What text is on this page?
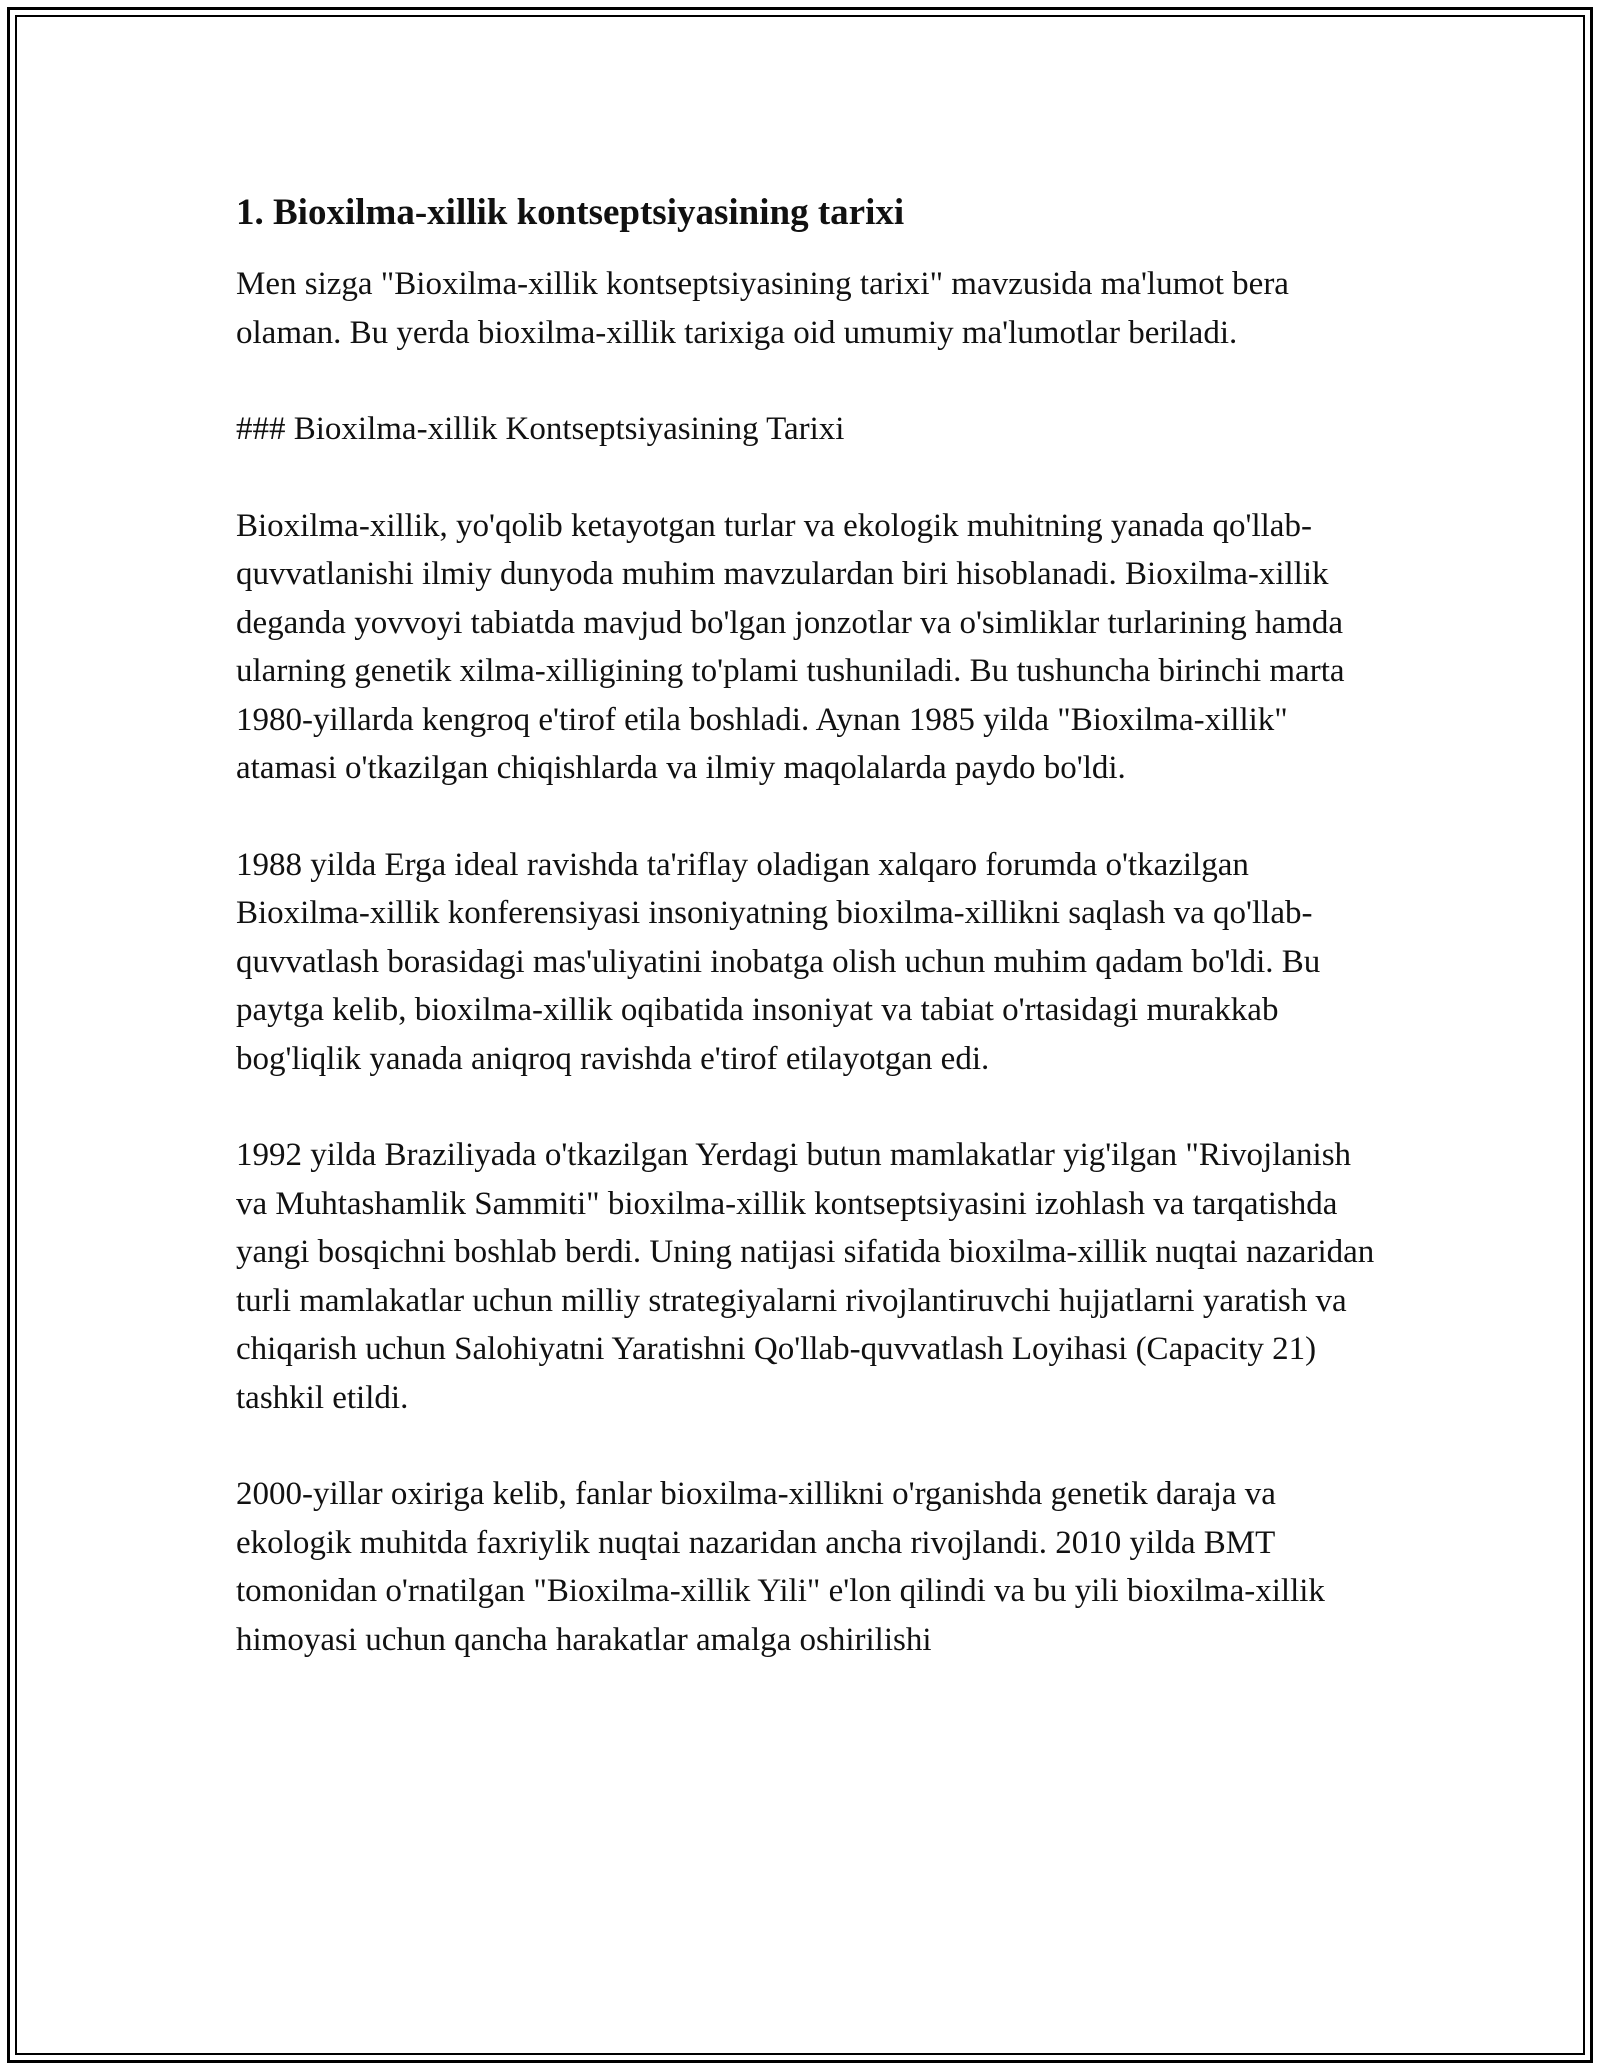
1. Bioxilma-xillik kontseptsiyasining tarixi

Men sizga "Bioxilma-xillik kontseptsiyasining tarixi" mavzusida ma'lumot bera olaman. Bu yerda bioxilma-xillik tarixiga oid umumiy ma'lumotlar beriladi.

### Bioxilma-xillik Kontseptsiyasining Tarixi

Bioxilma-xillik, yo'qolib ketayotgan turlar va ekologik muhitning yanada qo'llab-quvvatlanishi ilmiy dunyoda muhim mavzulardan biri hisoblanadi. Bioxilma-xillik deganda yovvoyi tabiatda mavjud bo'lgan jonzotlar va o'simliklar turlarining hamda ularning genetik xilma-xilligining to'plami tushuniladi. Bu tushuncha birinchi marta 1980-yillarda kengroq e'tirof etila boshladi. Aynan 1985 yilda "Bioxilma-xillik" atamasi o'tkazilgan chiqishlarda va ilmiy maqolalarda paydo bo'ldi.

1988 yilda Erga ideal ravishda ta'riflay oladigan xalqaro forumda o'tkazilgan Bioxilma-xillik konferensiyasi insoniyatning bioxilma-xillikni saqlash va qo'llab-quvvatlash borasidagi mas'uliyatini inobatga olish uchun muhim qadam bo'ldi. Bu paytga kelib, bioxilma-xillik oqibatida insoniyat va tabiat o'rtasidagi murakkab bog'liqlik yanada aniqroq ravishda e'tirof etilayotgan edi.

1992 yilda Braziliyada o'tkazilgan Yerdagi butun mamlakatlar yig'ilgan "Rivojlanish va Muhtashamlik Sammiti" bioxilma-xillik kontseptsiyasini izohlash va tarqatishda yangi bosqichni boshlab berdi. Uning natijasi sifatida bioxilma-xillik nuqtai nazaridan turli mamlakatlar uchun milliy strategiyalarni rivojlantiruvchi hujjatlarni yaratish va chiqarish uchun Salohiyatni Yaratishni Qo'llab-quvvatlash Loyihasi (Capacity 21) tashkil etildi.

2000-yillar oxiriga kelib, fanlar bioxilma-xillikni o'rganishda genetik daraja va ekologik muhitda faxriylik nuqtai nazaridan ancha rivojlandi. 2010 yilda BMT tomonidan o'rnatilgan "Bioxilma-xillik Yili" e'lon qilindi va bu yili bioxilma-xillik himoyasi uchun qancha harakatlar amalga oshirilishi
